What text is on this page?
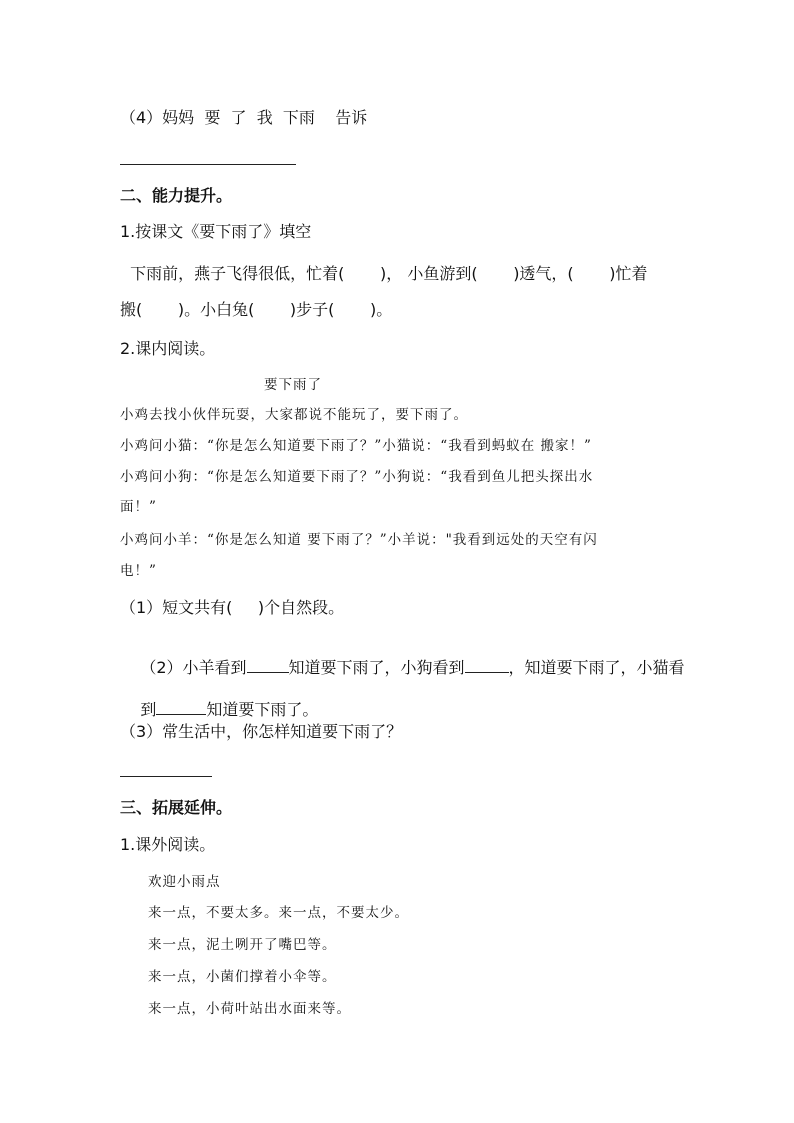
（4）妈妈  要  了  我  下雨    告诉
二、能力提升。
1.按课文《要下雨了》填空
下雨前，燕子飞得很低，忙着(       )， 小鱼游到(       )透气，(       )忙着
搬(       )。小白兔(       )步子(       )。
2.课内阅读。
要下雨了
小鸡去找小伙伴玩耍，大家都说不能玩了，要下雨了。
小鸡问小猫：“你是怎么知道要下雨了？”小猫说：“我看到蚂蚁在 搬家！”
小鸡问小狗：“你是怎么知道要下雨了？”小狗说：“我看到鱼儿把头探出水
面！”
小鸡问小羊：“你是怎么知道 要下雨了？”小羊说："我看到远处的天空有闪
电！”
（1）短文共有(     )个自然段。

（2）小羊看到	知道要下雨了，小狗看到	，知道要下雨了，小猫看

到	知道要下雨了。

（3）常生活中，你怎样知道要下雨了？
三、拓展延伸。
1.课外阅读。
欢迎小雨点
来一点，不要太多。来一点，不要太少。
来一点，泥土咧开了嘴巴等。
来一点，小菌们撑着小伞等。
来一点，小荷叶站出水面来等。
